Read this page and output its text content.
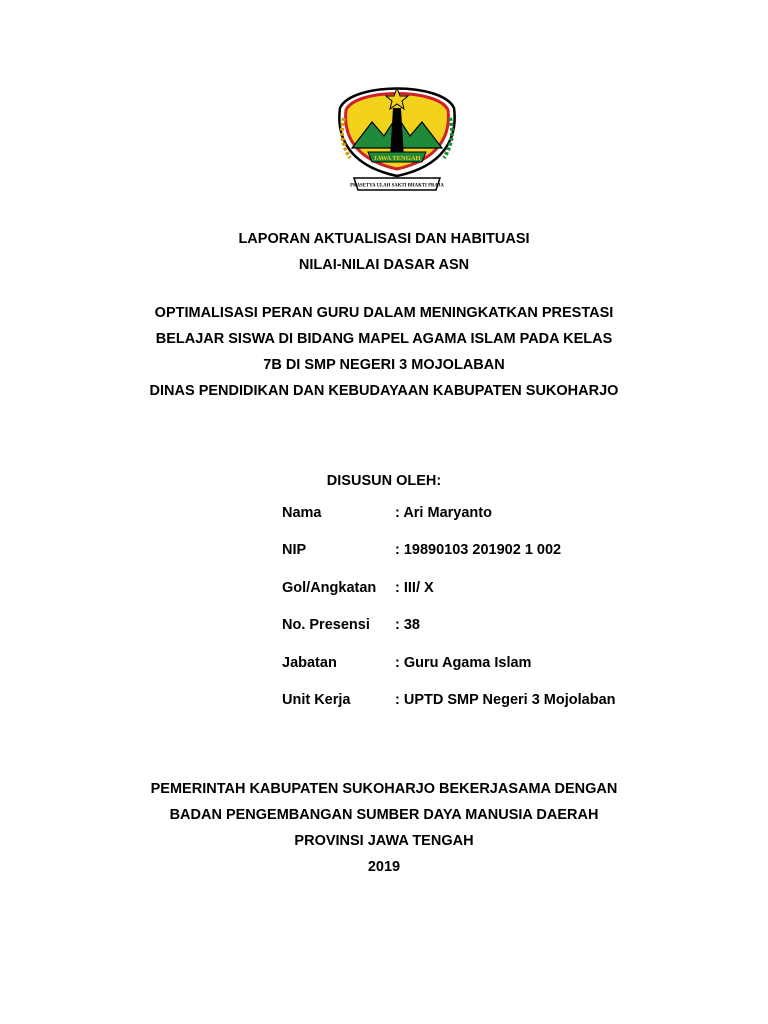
JAWA TENGAH
PRASETYA ULAH SAKTI BHAKTI PRAJA
LAPORAN AKTUALISASI DAN HABITUASI
NILAI-NILAI DASAR ASN
OPTIMALISASI PERAN GURU DALAM MENINGKATKAN PRESTASI
BELAJAR SISWA DI BIDANG MAPEL AGAMA ISLAM PADA KELAS
7B DI SMP NEGERI 3 MOJOLABAN
DINAS PENDIDIKAN DAN KEBUDAYAAN KABUPATEN SUKOHARJO
DISUSUN OLEH:
Nama	: Ari Maryanto
NIP	: 19890103 201902 1 002
Gol/Angkatan : III/ X
No. Presensi : 38
Jabatan	: Guru Agama Islam
Unit Kerja	: UPTD SMP Negeri 3 Mojolaban
PEMERINTAH KABUPATEN SUKOHARJO BEKERJASAMA DENGAN
BADAN PENGEMBANGAN SUMBER DAYA MANUSIA DAERAH
PROVINSI JAWA TENGAH
2019
